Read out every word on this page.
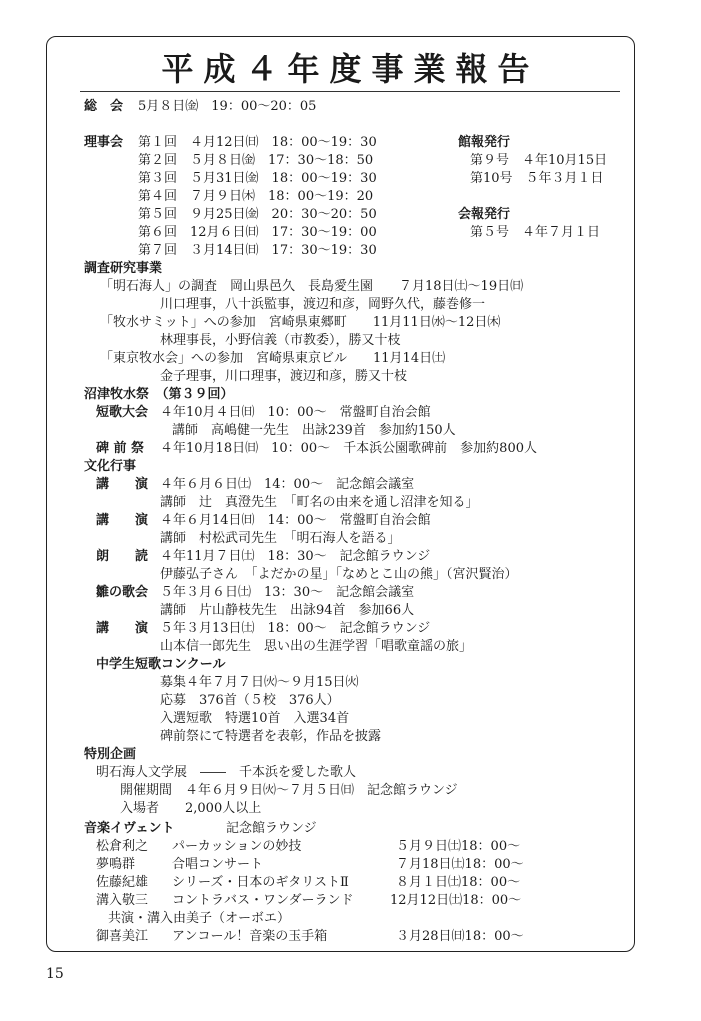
平成４年度事業報告
総　会 5月８日㈮　19：00〜20：05
理事会 第１回　４月12日㈰　18：00〜19：30
第２回　５月８日㈮　17：30〜18：50
第３回　５月31日㈮　18：00〜19：30
第４回　７月９日㈭　18：00〜19：20
第５回　９月25日㈮　20：30〜20：50
第６回　12月６日㈰　17：30〜19：00
第７回　３月14日㈰　17：30〜19：30
館報発行
第９号　４年10月15日
第10号　５年３月１日
会報発行
第５号　４年７月１日
調査研究事業
「明石海人」の調査　岡山県邑久　長島愛生園　　７月18日㈯〜19日㈰
川口理事，八十浜監事，渡辺和彦，岡野久代，藤巻修一
「牧水サミット」への参加　宮崎県東郷町　　11月11日㈬〜12日㈭
林理事長，小野信義（市教委），勝又十枝
「東京牧水会」への参加　宮崎県東京ビル　　11月14日㈯
金子理事，川口理事，渡辺和彦，勝又十枝
沼津牧水祭　（第３９回）
短歌大会 ４年10月４日㈰　10：00〜　常盤町自治会館
講師　高嶋健一先生　出詠239首　参加約150人
碑 前 祭 ４年10月18日㈰　10：00〜　千本浜公園歌碑前　参加約800人
文化行事
講　　演 ４年６月６日㈯　14：00〜　記念館会議室
講師　辻　真澄先生　「町名の由来を通し沼津を知る」
講　　演 ４年６月14日㈰　14：00〜　常盤町自治会館
講師　村松武司先生　「明石海人を語る」
朗　　読 ４年11月７日㈯　18：30〜　記念館ラウンジ
伊藤弘子さん　「よだかの星」「なめとこ山の熊」（宮沢賢治）
雛の歌会 ５年３月６日㈯　13：30〜　記念館会議室
講師　片山静枝先生　出詠94首　参加66人
講　　演 ５年３月13日㈯　18：00〜　記念館ラウンジ
山本信一郎先生　思い出の生涯学習「唱歌童謡の旅」
中学生短歌コンクール
募集４年７月７日㈫〜９月15日㈫
応募　376首（５校　376人）
入選短歌　特選10首　入選34首
碑前祭にて特選者を表彰，作品を披露
特別企画
明石海人文学展　――　千本浜を愛した歌人
開催期間　４年６月９日㈫〜７月５日㈰　記念館ラウンジ
入場者　　2,000人以上
音楽イヴェント	記念館ラウンジ
松倉利之 パーカッションの妙技	５月９日㈯18：00〜
夢鳴群	合唱コンサート	７月18日㈯18：00〜
佐藤紀雄 シリーズ・日本のギタリストⅡ	８月１日㈯18：00〜
溝入敬三 コントラバス・ワンダーランド	12月12日㈯18：00〜
共演・溝入由美子（オーボエ）
御喜美江 アンコール！音楽の玉手箱	３月28日㈰18：00〜
15
